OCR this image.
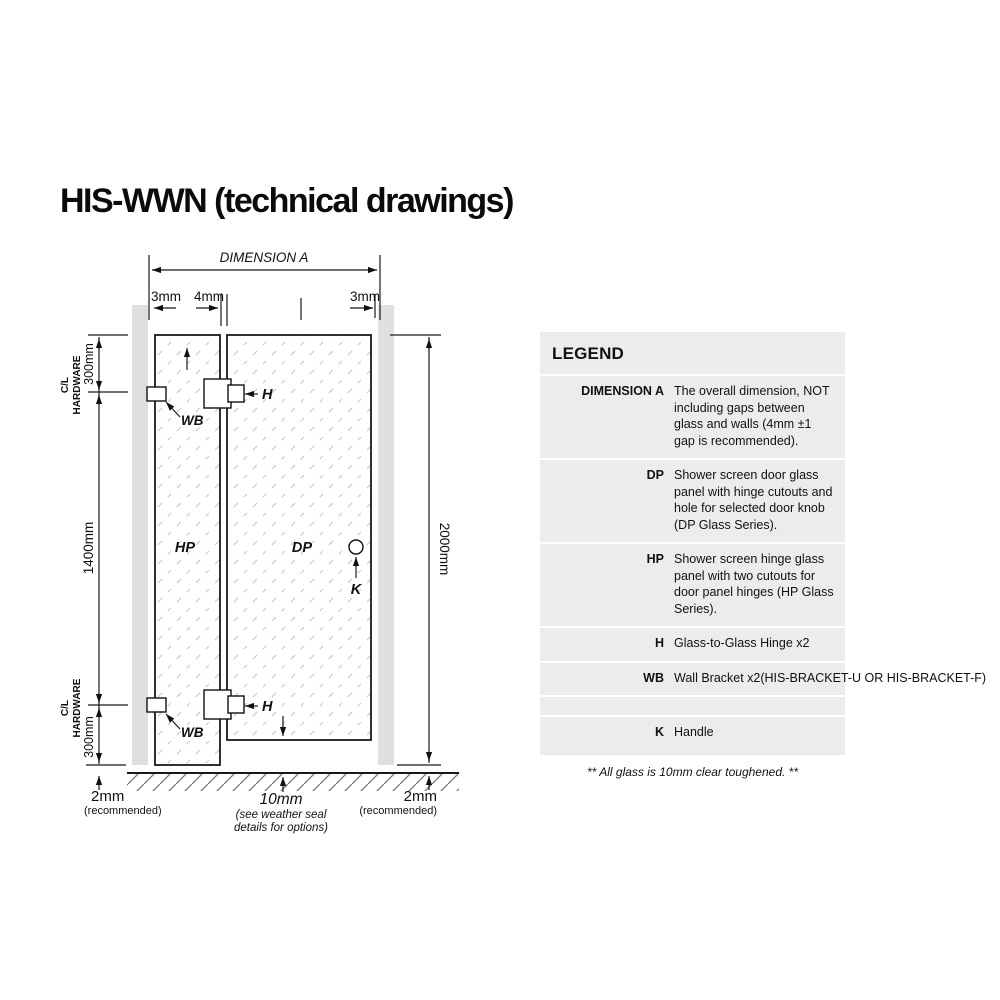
HIS-WWN (technical drawings)
DIMENSION A
3mm 4mm	3mm
C/L HARDWARE 300mm
1400mm
C/L HARDWARE 300mm
2000mm
HP	DP
H
H
WB
WB
K
2mm
(recommended)
2mm
(recommended)
10mm
(see weather seal
details for options)
LEGEND
DIMENSION A The overall dimension, NOT including gaps between glass and walls (4mm ±1 gap is recommended).
DP Shower screen door glass panel with hinge cutouts and hole for selected door knob (DP Glass Series).
HP Shower screen hinge glass panel with two cutouts for door panel hinges (HP Glass Series).
H Glass-to-Glass Hinge x2
WB Wall Bracket x2(HIS-BRACKET-U OR HIS-BRACKET-F)
K Handle
** All glass is 10mm clear toughened. **
